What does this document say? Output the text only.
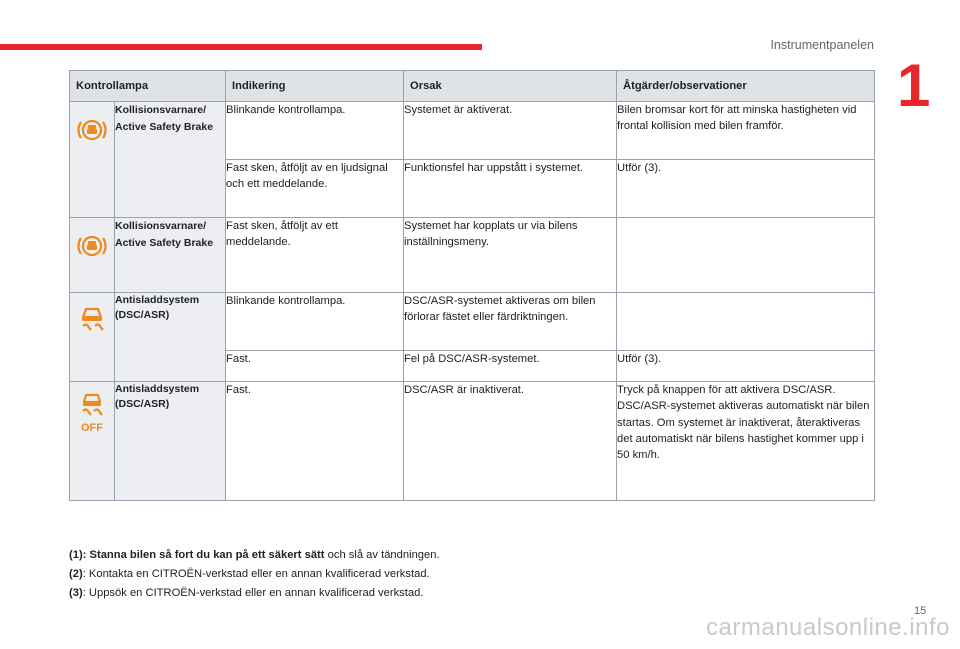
Instrumentpanelen
1
Kontrollampa		Indikering	Orsak	Åtgärder/observationer
	Kollisionsvarnare/ Active Safety Brake	Blinkande kontrollampa.	Systemet är aktiverat.	Bilen bromsar kort för att minska hastigheten vid frontal kollision med bilen framför.
		Fast sken, åtföljt av en ljudsignal och ett meddelande.	Funktionsfel har uppstått i systemet.	Utför (3).
	Kollisionsvarnare/ Active Safety Brake	Fast sken, åtföljt av ett meddelande.	Systemet har kopplats ur via bilens inställningsmeny.	
	Antisladdsystem (DSC/ASR)	Blinkande kontrollampa.	DSC/ASR-systemet aktiveras om bilen förlorar fästet eller färdriktningen.	
		Fast.	Fel på DSC/ASR-systemet.	Utför (3).

OFF	Antisladdsystem (DSC/ASR)	Fast.	DSC/ASR är inaktiverat.	Tryck på knappen för att aktivera DSC/ASR. DSC/ASR-systemet aktiveras automatiskt när bilen startas. Om systemet är inaktiverat, återaktiveras det automatiskt när bilens hastighet kommer upp i 50 km/h.
(1): Stanna bilen så fort du kan på ett säkert sätt och slå av tändningen.
(2): Kontakta en CITROËN-verkstad eller en annan kvalificerad verkstad.
(3): Uppsök en CITROËN-verkstad eller en annan kvalificerad verkstad.
15
carmanualsonline.info
